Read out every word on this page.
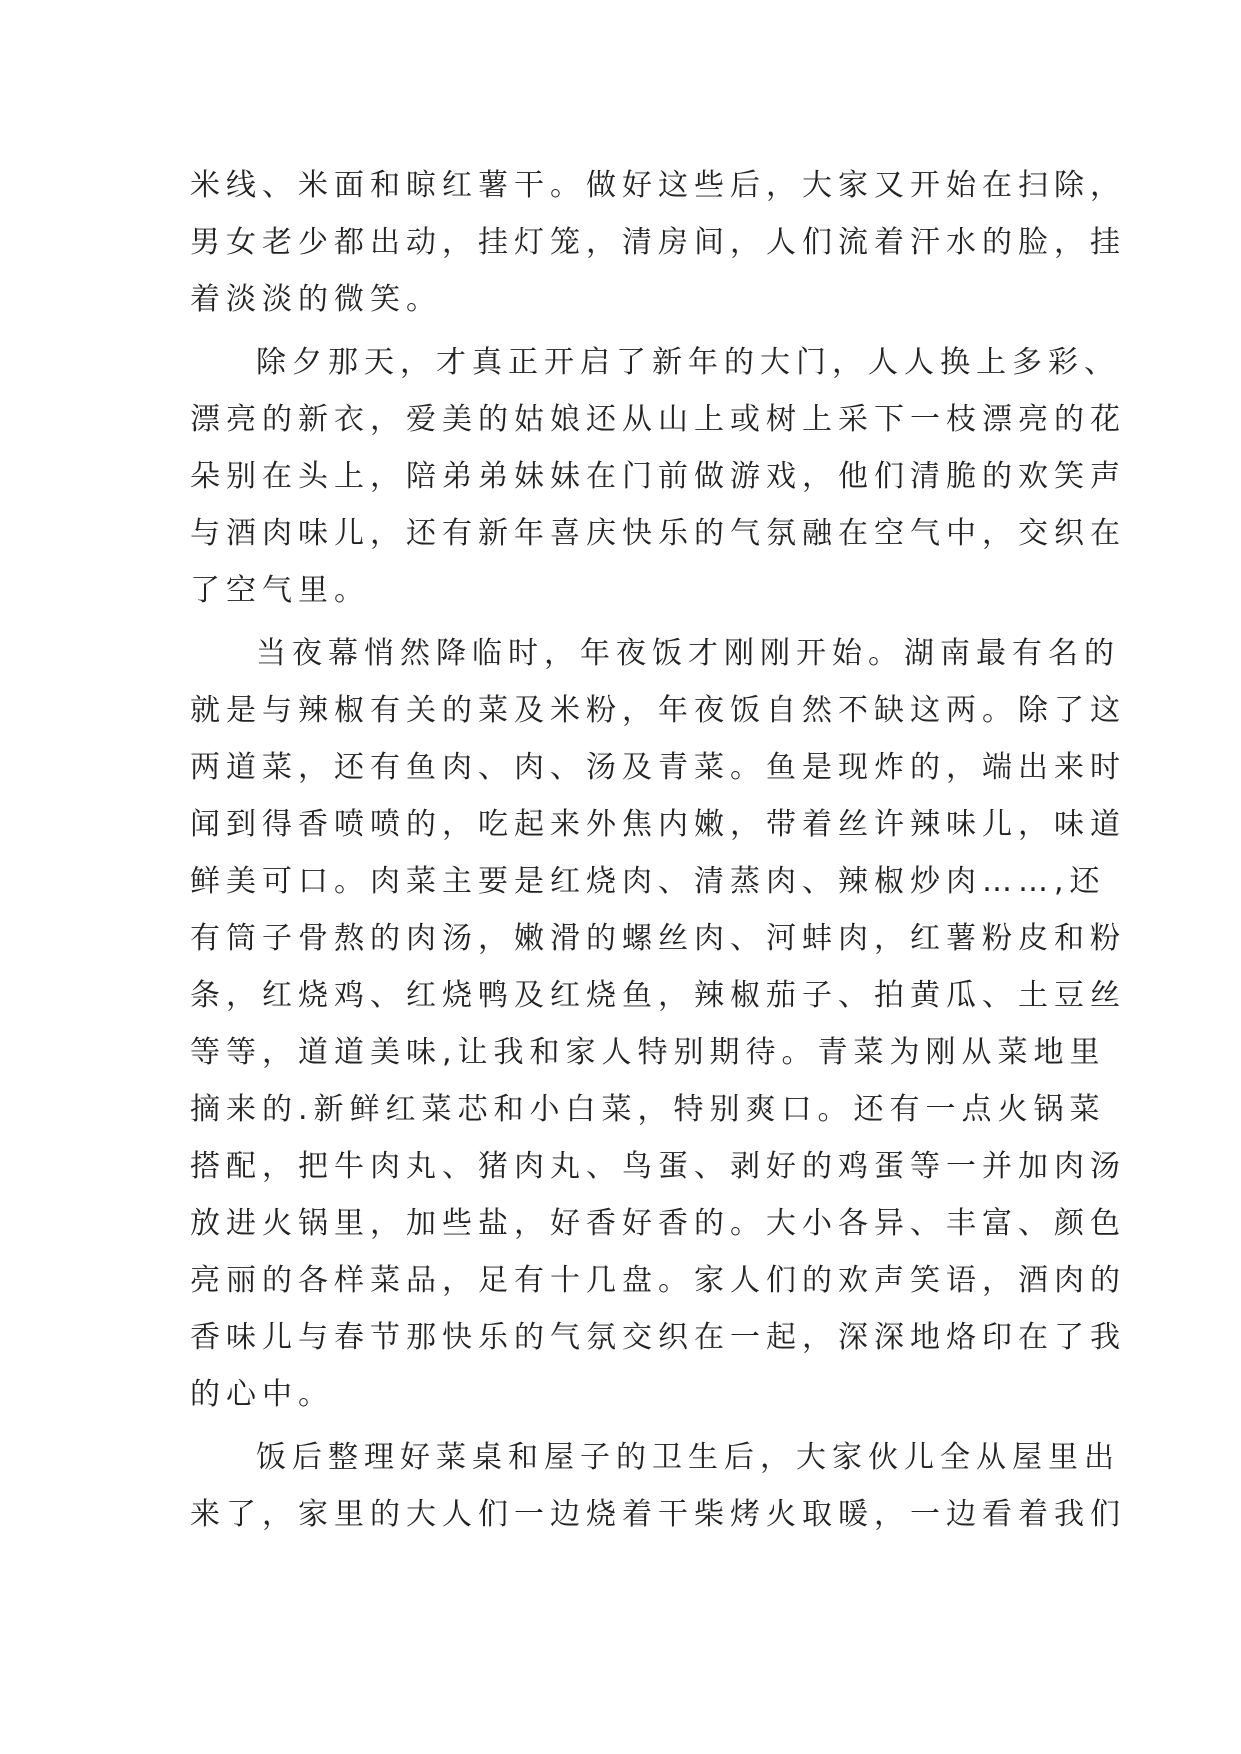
米线、米面和晾红薯干。做好这些后，大家又开始在扫除，
男女老少都出动，挂灯笼，清房间，人们流着汗水的脸，挂
着淡淡的微笑。

除夕那天，才真正开启了新年的大门，人人换上多彩、
漂亮的新衣，爱美的姑娘还从山上或树上采下一枝漂亮的花
朵别在头上，陪弟弟妹妹在门前做游戏，他们清脆的欢笑声
与酒肉味儿，还有新年喜庆快乐的气氛融在空气中，交织在
了空气里。

当夜幕悄然降临时，年夜饭才刚刚开始。湖南最有名的
就是与辣椒有关的菜及米粉，年夜饭自然不缺这两。除了这
两道菜，还有鱼肉、肉、汤及青菜。鱼是现炸的，端出来时
闻到得香喷喷的，吃起来外焦内嫩，带着丝许辣味儿，味道
鲜美可口。肉菜主要是红烧肉、清蒸肉、辣椒炒肉……,还
有筒子骨熬的肉汤，嫩滑的螺丝肉、河蚌肉，红薯粉皮和粉
条，红烧鸡、红烧鸭及红烧鱼，辣椒茄子、拍黄瓜、土豆丝
等等，道道美味,让我和家人特别期待。青菜为刚从菜地里
摘来的.新鲜红菜芯和小白菜，特别爽口。还有一点火锅菜
搭配，把牛肉丸、猪肉丸、鸟蛋、剥好的鸡蛋等一并加肉汤
放进火锅里，加些盐，好香好香的。大小各异、丰富、颜色
亮丽的各样菜品，足有十几盘。家人们的欢声笑语，酒肉的
香味儿与春节那快乐的气氛交织在一起，深深地烙印在了我
的心中。

饭后整理好菜桌和屋子的卫生后，大家伙儿全从屋里出
来了，家里的大人们一边烧着干柴烤火取暖，一边看着我们
